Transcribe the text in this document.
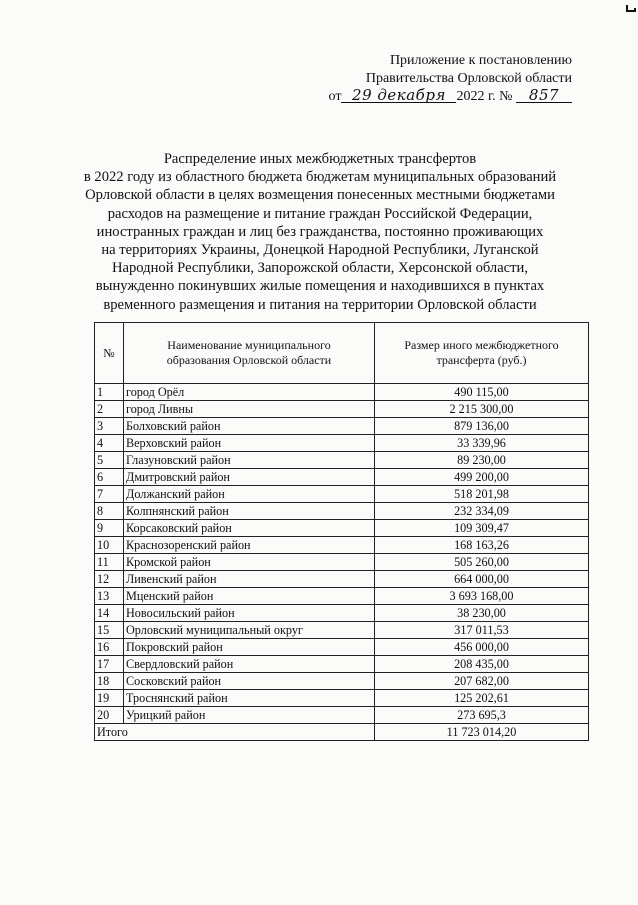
Приложение к постановлению
Правительства Орловской области
от 29 декабря 2022 г. № 857
Распределение иных межбюджетных трансфертов
в 2022 году из областного бюджета бюджетам муниципальных образований
Орловской области в целях возмещения понесенных местными бюджетами
расходов на размещение и питание граждан Российской Федерации,
иностранных граждан и лиц без гражданства, постоянно проживающих
на территориях Украины, Донецкой Народной Республики, Луганской
Народной Республики, Запорожской области, Херсонской области,
вынужденно покинувших жилые помещения и находившихся в пунктах
временного размещения и питания на территории Орловской области
№	Наименование муниципального образования Орловской области	Размер иного межбюджетного трансферта (руб.)

1	город Орёл	490 115,00
2	город Ливны	2 215 300,00
3	Болховский район	879 136,00
4	Верховский район	33 339,96
5	Глазуновский район	89 230,00
6	Дмитровский район	499 200,00
7	Должанский район	518 201,98
8	Колпнянский район	232 334,09
9	Корсаковский район	109 309,47
10	Краснозоренский район	168 163,26
11	Кромской район	505 260,00
12	Ливенский район	664 000,00
13	Мценский район	3 693 168,00
14	Новосильский район	38 230,00
15	Орловский муниципальный округ	317 011,53
16	Покровский район	456 000,00
17	Свердловский район	208 435,00
18	Сосковский район	207 682,00
19	Троснянский район	125 202,61
20	Урицкий район	273 695,3
Итого		11 723 014,20
